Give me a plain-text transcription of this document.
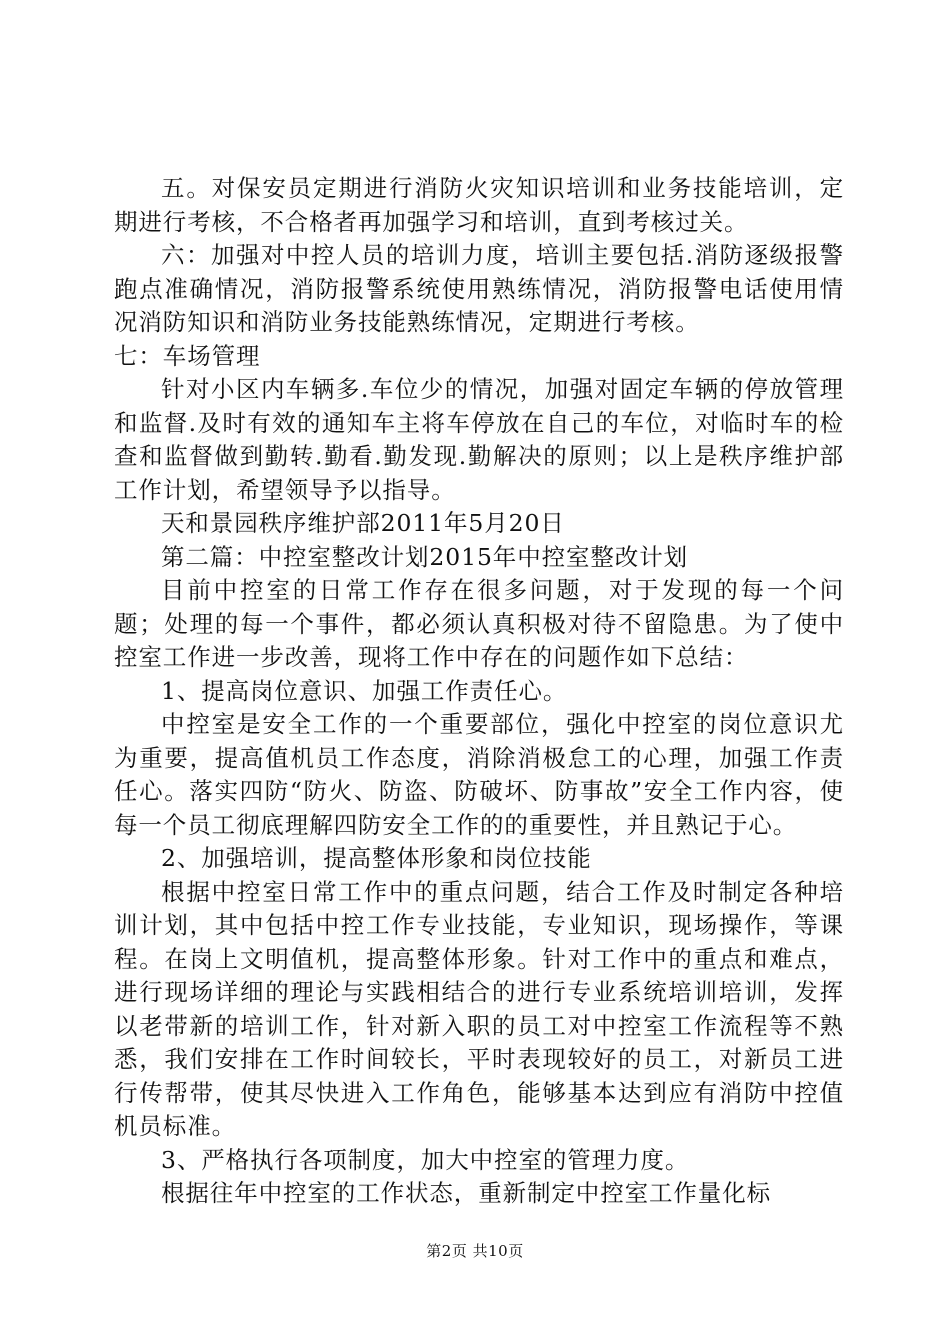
五。对保安员定期进行消防火灾知识培训和业务技能培训，定期进行考核，不合格者再加强学习和培训，直到考核过关。

六：加强对中控人员的培训力度，培训主要包括.消防逐级报警跑点准确情况，消防报警系统使用熟练情况，消防报警电话使用情况消防知识和消防业务技能熟练情况，定期进行考核。

七：车场管理

针对小区内车辆多.车位少的情况，加强对固定车辆的停放管理和监督.及时有效的通知车主将车停放在自己的车位，对临时车的检查和监督做到勤转.勤看.勤发现.勤解决的原则；以上是秩序维护部工作计划，希望领导予以指导。

天和景园秩序维护部2011年5月20日

第二篇：中控室整改计划2015年中控室整改计划

目前中控室的日常工作存在很多问题，对于发现的每一个问题；处理的每一个事件，都必须认真积极对待不留隐患。为了使中控室工作进一步改善，现将工作中存在的问题作如下总结：

1、提高岗位意识、加强工作责任心。

中控室是安全工作的一个重要部位，强化中控室的岗位意识尤为重要，提高值机员工作态度，消除消极怠工的心理，加强工作责任心。落实四防“防火、防盗、防破坏、防事故”安全工作内容，使每一个员工彻底理解四防安全工作的的重要性，并且熟记于心。

2、加强培训，提高整体形象和岗位技能

根据中控室日常工作中的重点问题，结合工作及时制定各种培训计划，其中包括中控工作专业技能，专业知识，现场操作，等课程。在岗上文明值机，提高整体形象。针对工作中的重点和难点，进行现场详细的理论与实践相结合的进行专业系统培训培训，发挥以老带新的培训工作，针对新入职的员工对中控室工作流程等不熟悉，我们安排在工作时间较长，平时表现较好的员工，对新员工进行传帮带，使其尽快进入工作角色，能够基本达到应有消防中控值机员标准。

3、严格执行各项制度，加大中控室的管理力度。

根据往年中控室的工作状态，重新制定中控室工作量化标

第2页 共10页
